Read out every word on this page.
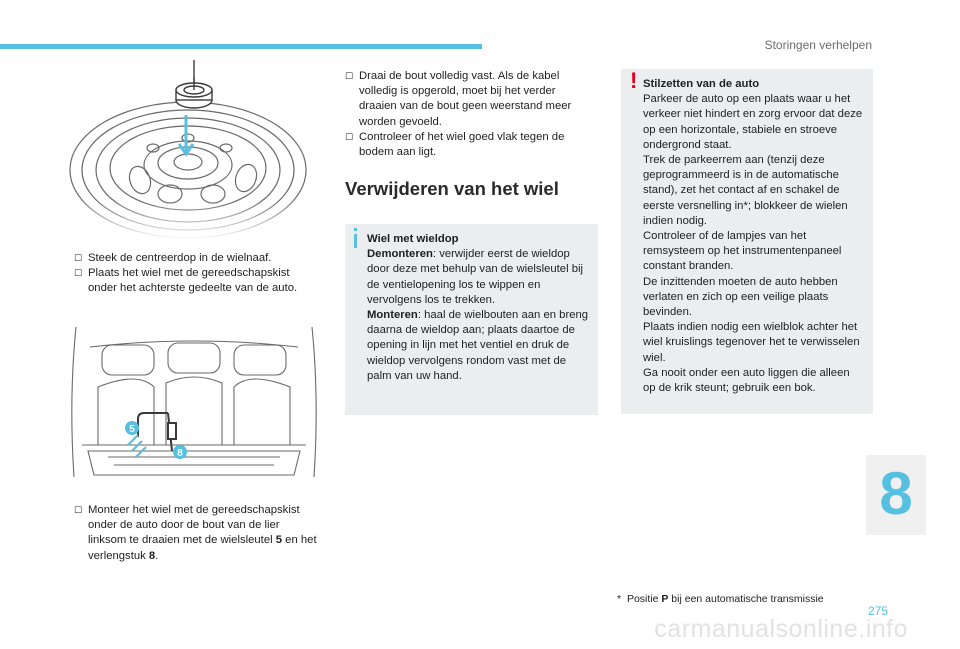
Storingen verhelpen

☐ Steek de centreerdop in de wielnaaf.

☐ Plaats het wiel met de gereedschapskist onder het achterste gedeelte van de auto.

5
8

☐ Monteer het wiel met de gereedschapskist onder de auto door de bout van de lier linksom te draaien met de wielsleutel 5 en het verlengstuk 8.

☐ Draai de bout volledig vast. Als de kabel volledig is opgerold, moet bij het verder draaien van de bout geen weerstand meer worden gevoeld.

☐ Controleer of het wiel goed vlak tegen de bodem aan ligt.

Verwijderen van het wiel

Wiel met wieldop

Demonteren: verwijder eerst de wieldop door deze met behulp van de wielsleutel bij de ventielopening los te wippen en vervolgens los te trekken.

Monteren: haal de wielbouten aan en breng daarna de wieldop aan; plaats daartoe de opening in lijn met het ventiel en druk de wieldop vervolgens rondom vast met de palm van uw hand.

! Stilzetten van de auto

Parkeer de auto op een plaats waar u het verkeer niet hindert en zorg ervoor dat deze op een horizontale, stabiele en stroeve ondergrond staat.

Trek de parkeerrem aan (tenzij deze geprogrammeerd is in de automatische stand), zet het contact af en schakel de eerste versnelling in*; blokkeer de wielen indien nodig.

Controleer of de lampjes van het remsysteem op het instrumentenpaneel constant branden.

De inzittenden moeten de auto hebben verlaten en zich op een veilige plaats bevinden.

Plaats indien nodig een wielblok achter het wiel kruislings tegenover het te verwisselen wiel.

Ga nooit onder een auto liggen die alleen op de krik steunt; gebruik een bok.

* Positie P bij een automatische transmissie
8
275
carmanualsonline.info
